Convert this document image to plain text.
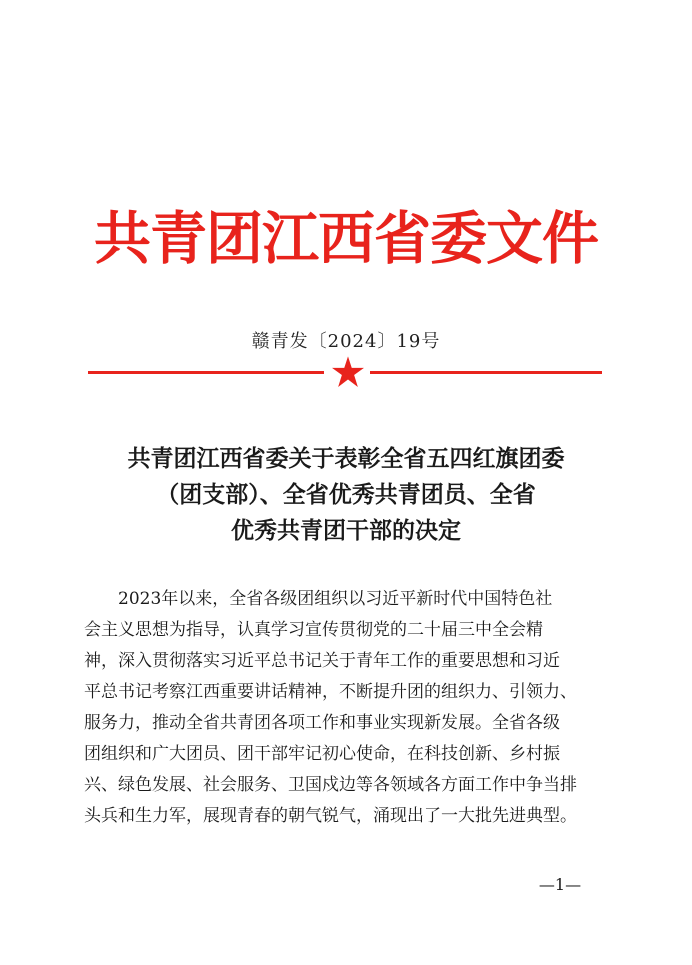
共青团江西省委文件
赣青发〔2024〕19号
共青团江西省委关于表彰全省五四红旗团委
（团支部）、全省优秀共青团员、全省
优秀共青团干部的决定
　　2023年以来，全省各级团组织以习近平新时代中国特色社
会主义思想为指导，认真学习宣传贯彻党的二十届三中全会精
神，深入贯彻落实习近平总书记关于青年工作的重要思想和习近
平总书记考察江西重要讲话精神，不断提升团的组织力、引领力、
服务力，推动全省共青团各项工作和事业实现新发展。全省各级
团组织和广大团员、团干部牢记初心使命，在科技创新、乡村振
兴、绿色发展、社会服务、卫国戍边等各领域各方面工作中争当排
头兵和生力军，展现青春的朝气锐气，涌现出了一大批先进典型。
—1—
